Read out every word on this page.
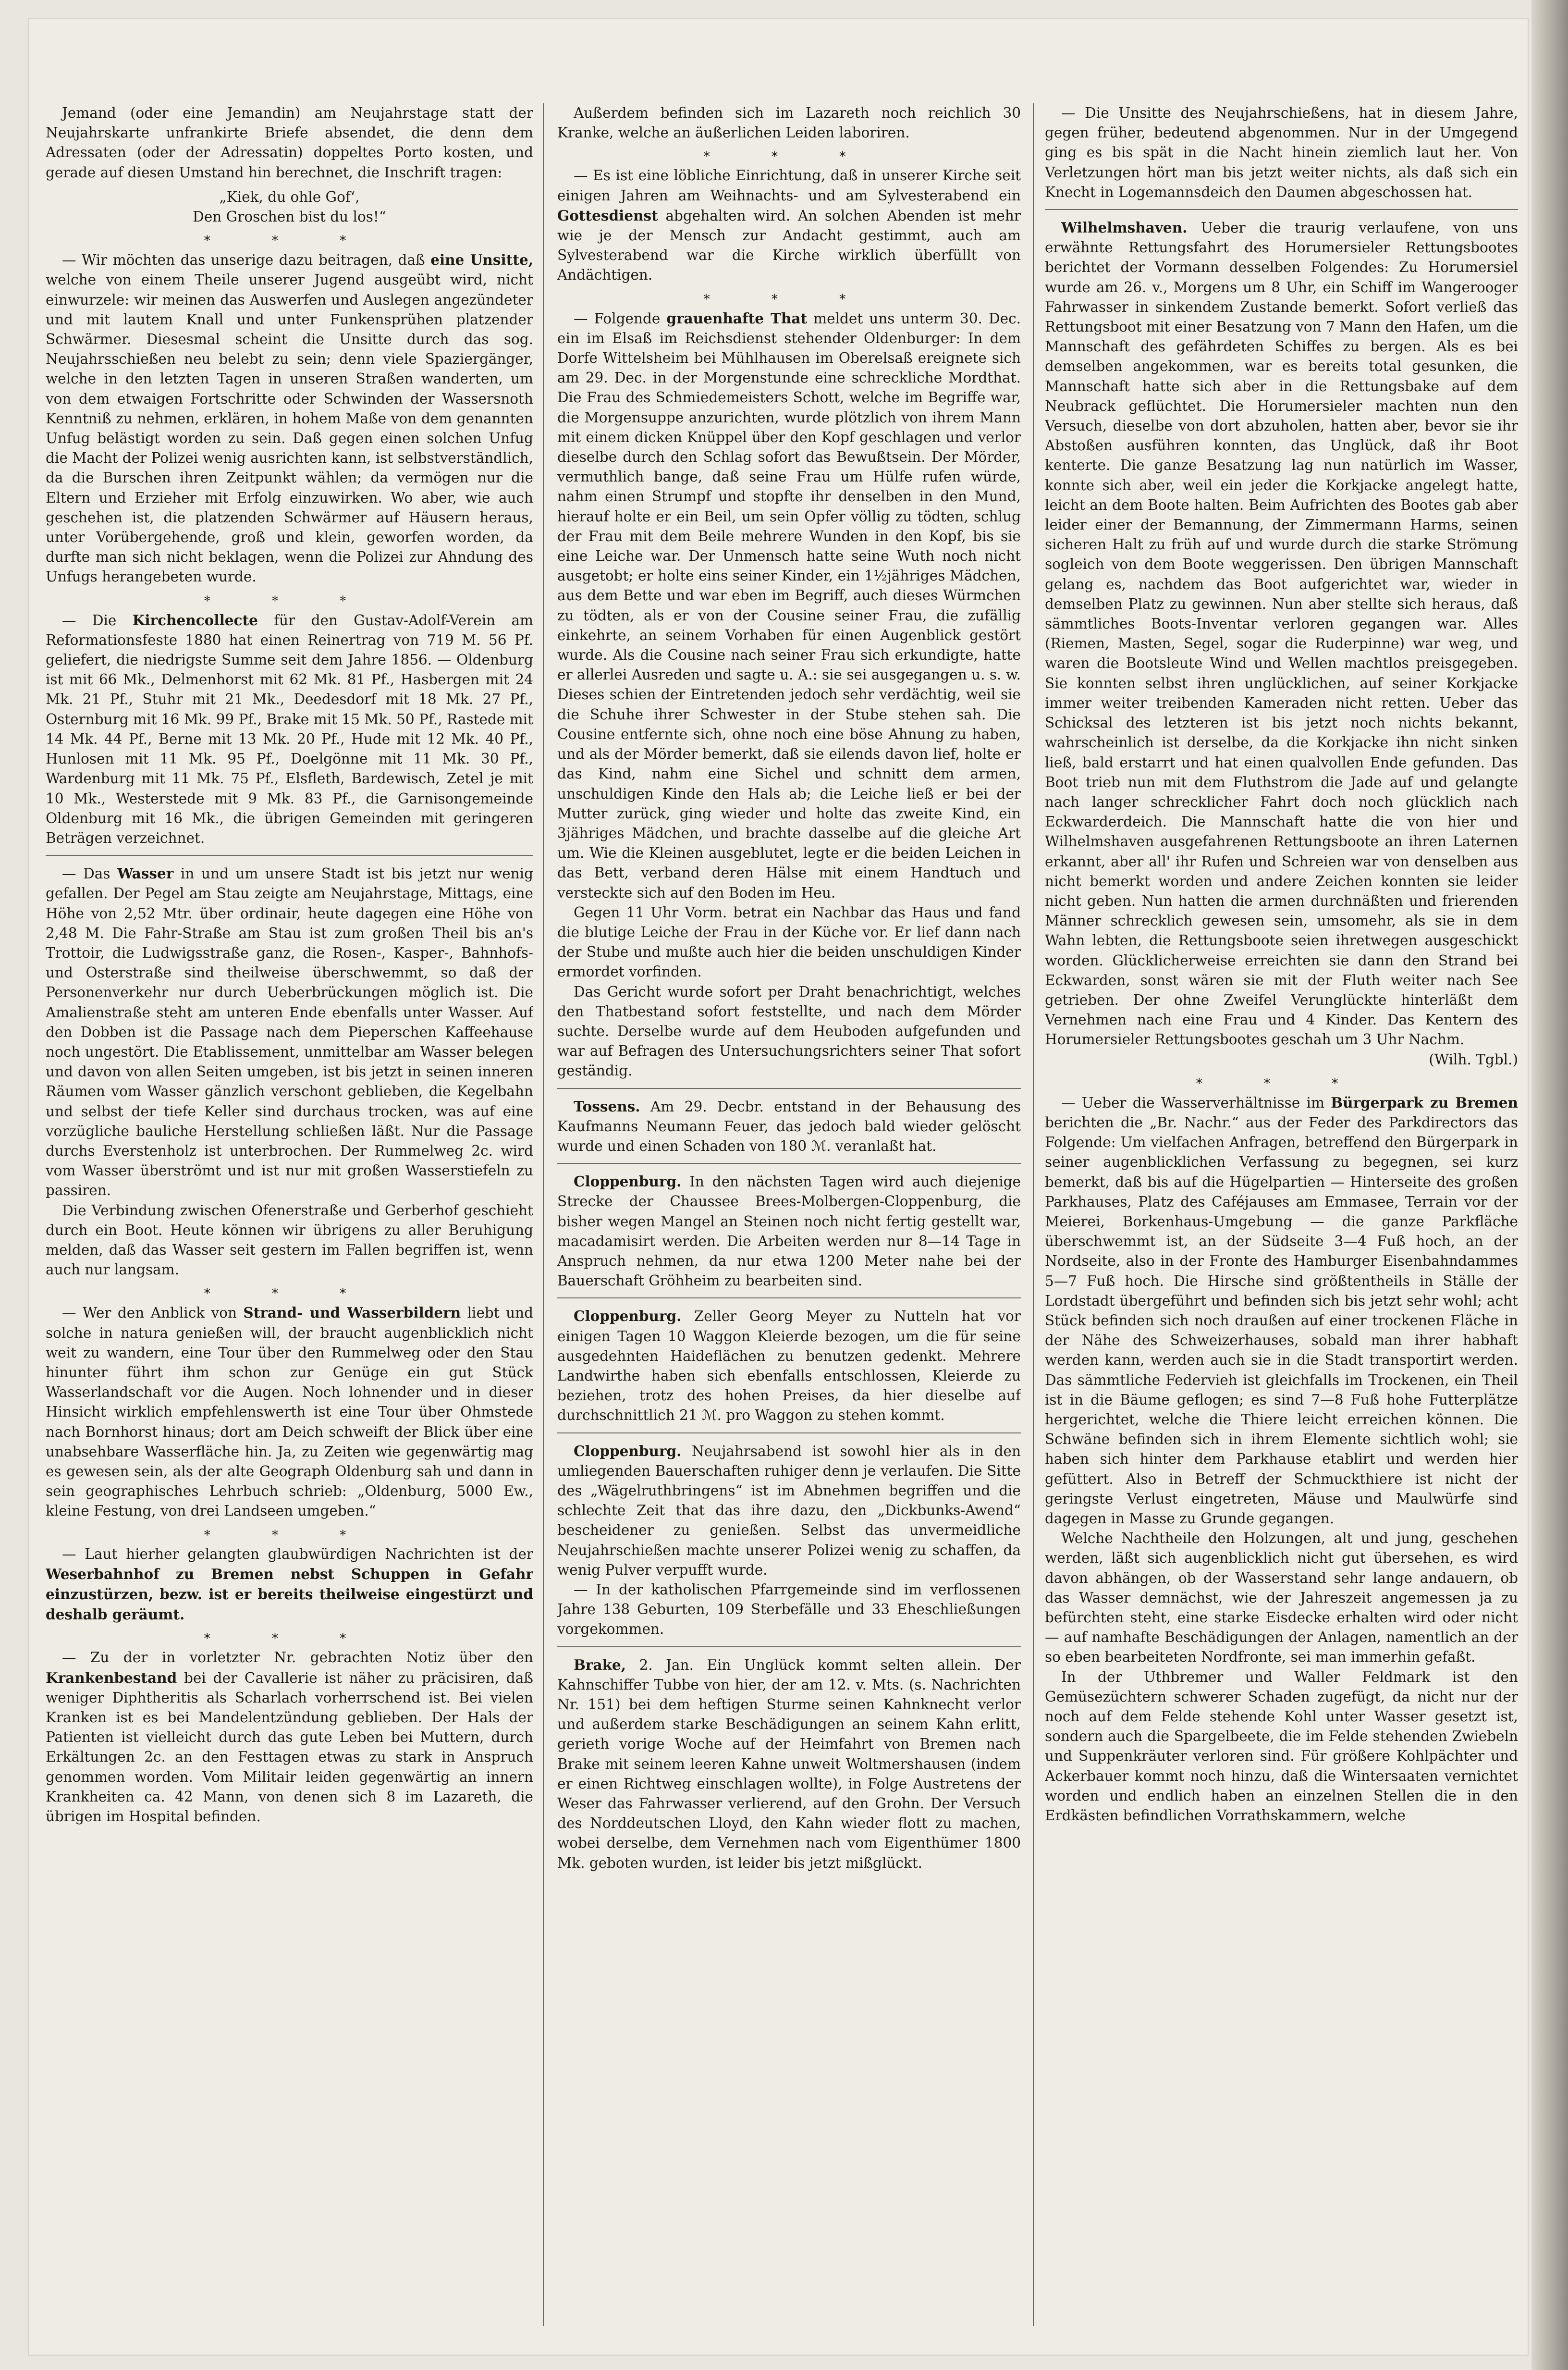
Jemand (oder eine Jemandin) am Neujahrstage statt der Neujahrskarte unfrankirte Briefe absendet, die denn dem Adressaten (oder der Adressatin) doppeltes Porto kosten, und gerade auf diesen Umstand hin berechnet, die Inschrift tragen:

„Kiek, du ohle Gof‘,

Den Groschen bist du los!“

* * *

— Wir möchten das unserige dazu beitragen, daß eine Unsitte, welche von einem Theile unserer Jugend ausgeübt wird, nicht einwurzele: wir meinen das Auswerfen und Auslegen angezündeter und mit lautem Knall und unter Funkensprühen platzender Schwärmer. Diesesmal scheint die Unsitte durch das sog. Neujahrsschießen neu belebt zu sein; denn viele Spaziergänger, welche in den letzten Tagen in unseren Straßen wanderten, um von dem etwaigen Fortschritte oder Schwinden der Wassersnoth Kenntniß zu nehmen, erklären, in hohem Maße von dem genannten Unfug belästigt worden zu sein. Daß gegen einen solchen Unfug die Macht der Polizei wenig ausrichten kann, ist selbstverständlich, da die Burschen ihren Zeitpunkt wählen; da vermögen nur die Eltern und Erzieher mit Erfolg einzuwirken. Wo aber, wie auch geschehen ist, die platzenden Schwärmer auf Häusern heraus, unter Vorübergehende, groß und klein, geworfen worden, da durfte man sich nicht beklagen, wenn die Polizei zur Ahndung des Unfugs herangebeten wurde.

* * *

— Die Kirchencollecte für den Gustav-Adolf-Verein am Reformationsfeste 1880 hat einen Reinertrag von 719 M. 56 Pf. geliefert, die niedrigste Summe seit dem Jahre 1856. — Oldenburg ist mit 66 Mk., Delmenhorst mit 62 Mk. 81 Pf., Hasbergen mit 24 Mk. 21 Pf., Stuhr mit 21 Mk., Deedesdorf mit 18 Mk. 27 Pf., Osternburg mit 16 Mk. 99 Pf., Brake mit 15 Mk. 50 Pf., Rastede mit 14 Mk. 44 Pf., Berne mit 13 Mk. 20 Pf., Hude mit 12 Mk. 40 Pf., Hunlosen mit 11 Mk. 95 Pf., Doelgönne mit 11 Mk. 30 Pf., Wardenburg mit 11 Mk. 75 Pf., Elsfleth, Bardewisch, Zetel je mit 10 Mk., Westerstede mit 9 Mk. 83 Pf., die Garnisongemeinde Oldenburg mit 16 Mk., die übrigen Gemeinden mit geringeren Beträgen verzeichnet.

— Das Wasser in und um unsere Stadt ist bis jetzt nur wenig gefallen. Der Pegel am Stau zeigte am Neujahrstage, Mittags, eine Höhe von 2,52 Mtr. über ordinair, heute dagegen eine Höhe von 2,48 M. Die Fahr-Straße am Stau ist zum großen Theil bis an's Trottoir, die Ludwigsstraße ganz, die Rosen-, Kasper-, Bahnhofs- und Osterstraße sind theilweise überschwemmt, so daß der Personenverkehr nur durch Ueberbrückungen möglich ist. Die Amalienstraße steht am unteren Ende ebenfalls unter Wasser. Auf den Dobben ist die Passage nach dem Pieperschen Kaffeehause noch ungestört. Die Etablissement, unmittelbar am Wasser belegen und davon von allen Seiten umgeben, ist bis jetzt in seinen inneren Räumen vom Wasser gänzlich verschont geblieben, die Kegelbahn und selbst der tiefe Keller sind durchaus trocken, was auf eine vorzügliche bauliche Herstellung schließen läßt. Nur die Passage durchs Everstenholz ist unterbrochen. Der Rummelweg 2c. wird vom Wasser überströmt und ist nur mit großen Wasserstiefeln zu passiren.

Die Verbindung zwischen Ofenerstraße und Gerberhof geschieht durch ein Boot. Heute können wir übrigens zu aller Beruhigung melden, daß das Wasser seit gestern im Fallen begriffen ist, wenn auch nur langsam.

* * *

— Wer den Anblick von Strand- und Wasserbildern liebt und solche in natura genießen will, der braucht augenblicklich nicht weit zu wandern, eine Tour über den Rummelweg oder den Stau hinunter führt ihm schon zur Genüge ein gut Stück Wasserlandschaft vor die Augen. Noch lohnender und in dieser Hinsicht wirklich empfehlenswerth ist eine Tour über Ohmstede nach Bornhorst hinaus; dort am Deich schweift der Blick über eine unabsehbare Wasserfläche hin. Ja, zu Zeiten wie gegenwärtig mag es gewesen sein, als der alte Geograph Oldenburg sah und dann in sein geographisches Lehrbuch schrieb: „Oldenburg, 5000 Ew., kleine Festung, von drei Landseen umgeben.“

* * *

— Laut hierher gelangten glaubwürdigen Nachrichten ist der Weserbahnhof zu Bremen nebst Schuppen in Gefahr einzustürzen, bezw. ist er bereits theilweise eingestürzt und deshalb geräumt.

* * *

— Zu der in vorletzter Nr. gebrachten Notiz über den Krankenbestand bei der Cavallerie ist näher zu präcisiren, daß weniger Diphtheritis als Scharlach vorherrschend ist. Bei vielen Kranken ist es bei Mandelentzündung geblieben. Der Hals der Patienten ist vielleicht durch das gute Leben bei Muttern, durch Erkältungen 2c. an den Festtagen etwas zu stark in Anspruch genommen worden. Vom Militair leiden gegenwärtig an innern Krankheiten ca. 42 Mann, von denen sich 8 im Lazareth, die übrigen im Hospital befinden.

Außerdem befinden sich im Lazareth noch reichlich 30 Kranke, welche an äußerlichen Leiden laboriren.

* * *

— Es ist eine löbliche Einrichtung, daß in unserer Kirche seit einigen Jahren am Weihnachts- und am Sylvesterabend ein Gottesdienst abgehalten wird. An solchen Abenden ist mehr wie je der Mensch zur Andacht gestimmt, auch am Sylvesterabend war die Kirche wirklich überfüllt von Andächtigen.

* * *

— Folgende grauenhafte That meldet uns unterm 30. Dec. ein im Elsaß im Reichsdienst stehender Oldenburger: In dem Dorfe Wittelsheim bei Mühlhausen im Oberelsaß ereignete sich am 29. Dec. in der Morgenstunde eine schreckliche Mordthat. Die Frau des Schmiedemeisters Schott, welche im Begriffe war, die Morgensuppe anzurichten, wurde plötzlich von ihrem Mann mit einem dicken Knüppel über den Kopf geschlagen und verlor dieselbe durch den Schlag sofort das Bewußtsein. Der Mörder, vermuthlich bange, daß seine Frau um Hülfe rufen würde, nahm einen Strumpf und stopfte ihr denselben in den Mund, hierauf holte er ein Beil, um sein Opfer völlig zu tödten, schlug der Frau mit dem Beile mehrere Wunden in den Kopf, bis sie eine Leiche war. Der Unmensch hatte seine Wuth noch nicht ausgetobt; er holte eins seiner Kinder, ein 1½jähriges Mädchen, aus dem Bette und war eben im Begriff, auch dieses Würmchen zu tödten, als er von der Cousine seiner Frau, die zufällig einkehrte, an seinem Vorhaben für einen Augenblick gestört wurde. Als die Cousine nach seiner Frau sich erkundigte, hatte er allerlei Ausreden und sagte u. A.: sie sei ausgegangen u. s. w. Dieses schien der Eintretenden jedoch sehr verdächtig, weil sie die Schuhe ihrer Schwester in der Stube stehen sah. Die Cousine entfernte sich, ohne noch eine böse Ahnung zu haben, und als der Mörder bemerkt, daß sie eilends davon lief, holte er das Kind, nahm eine Sichel und schnitt dem armen, unschuldigen Kinde den Hals ab; die Leiche ließ er bei der Mutter zurück, ging wieder und holte das zweite Kind, ein 3jähriges Mädchen, und brachte dasselbe auf die gleiche Art um. Wie die Kleinen ausgeblutet, legte er die beiden Leichen in das Bett, verband deren Hälse mit einem Handtuch und versteckte sich auf den Boden im Heu.

Gegen 11 Uhr Vorm. betrat ein Nachbar das Haus und fand die blutige Leiche der Frau in der Küche vor. Er lief dann nach der Stube und mußte auch hier die beiden unschuldigen Kinder ermordet vorfinden.

Das Gericht wurde sofort per Draht benachrichtigt, welches den Thatbestand sofort feststellte, und nach dem Mörder suchte. Derselbe wurde auf dem Heuboden aufgefunden und war auf Befragen des Untersuchungsrichters seiner That sofort geständig.

Tossens. Am 29. Decbr. entstand in der Behausung des Kaufmanns Neumann Feuer, das jedoch bald wieder gelöscht wurde und einen Schaden von 180 ℳ. veranlaßt hat.

Cloppenburg. In den nächsten Tagen wird auch diejenige Strecke der Chaussee Brees-Molbergen-Cloppenburg, die bisher wegen Mangel an Steinen noch nicht fertig gestellt war, macadamisirt werden. Die Arbeiten werden nur 8—14 Tage in Anspruch nehmen, da nur etwa 1200 Meter nahe bei der Bauerschaft Gröhheim zu bearbeiten sind.

Cloppenburg. Zeller Georg Meyer zu Nutteln hat vor einigen Tagen 10 Waggon Kleierde bezogen, um die für seine ausgedehnten Haideflächen zu benutzen gedenkt. Mehrere Landwirthe haben sich ebenfalls entschlossen, Kleierde zu beziehen, trotz des hohen Preises, da hier dieselbe auf durchschnittlich 21 ℳ. pro Waggon zu stehen kommt.

Cloppenburg. Neujahrsabend ist sowohl hier als in den umliegenden Bauerschaften ruhiger denn je verlaufen. Die Sitte des „Wägelruthbringens“ ist im Abnehmen begriffen und die schlechte Zeit that das ihre dazu, den „Dickbunks-Awend“ bescheidener zu genießen. Selbst das unvermeidliche Neujahrschießen machte unserer Polizei wenig zu schaffen, da wenig Pulver verpufft wurde.

— In der katholischen Pfarrgemeinde sind im verflossenen Jahre 138 Geburten, 109 Sterbefälle und 33 Eheschließungen vorgekommen.

Brake, 2. Jan. Ein Unglück kommt selten allein. Der Kahnschiffer Tubbe von hier, der am 12. v. Mts. (s. Nachrichten Nr. 151) bei dem heftigen Sturme seinen Kahnknecht verlor und außerdem starke Beschädigungen an seinem Kahn erlitt, gerieth vorige Woche auf der Heimfahrt von Bremen nach Brake mit seinem leeren Kahne unweit Woltmershausen (indem er einen Richtweg einschlagen wollte), in Folge Austretens der Weser das Fahrwasser verlierend, auf den Grohn. Der Versuch des Norddeutschen Lloyd, den Kahn wieder flott zu machen, wobei derselbe, dem Vernehmen nach vom Eigenthümer 1800 Mk. geboten wurden, ist leider bis jetzt mißglückt.

— Die Unsitte des Neujahrschießens, hat in diesem Jahre, gegen früher, bedeutend abgenommen. Nur in der Umgegend ging es bis spät in die Nacht hinein ziemlich laut her. Von Verletzungen hört man bis jetzt weiter nichts, als daß sich ein Knecht in Logemannsdeich den Daumen abgeschossen hat.

Wilhelmshaven. Ueber die traurig verlaufene, von uns erwähnte Rettungsfahrt des Horumersieler Rettungsbootes berichtet der Vormann desselben Folgendes: Zu Horumersiel wurde am 26. v., Morgens um 8 Uhr, ein Schiff im Wangerooger Fahrwasser in sinkendem Zustande bemerkt. Sofort verließ das Rettungsboot mit einer Besatzung von 7 Mann den Hafen, um die Mannschaft des gefährdeten Schiffes zu bergen. Als es bei demselben angekommen, war es bereits total gesunken, die Mannschaft hatte sich aber in die Rettungsbake auf dem Neubrack geflüchtet. Die Horumersieler machten nun den Versuch, dieselbe von dort abzuholen, hatten aber, bevor sie ihr Abstoßen ausführen konnten, das Unglück, daß ihr Boot kenterte. Die ganze Besatzung lag nun natürlich im Wasser, konnte sich aber, weil ein jeder die Korkjacke angelegt hatte, leicht an dem Boote halten. Beim Aufrichten des Bootes gab aber leider einer der Bemannung, der Zimmermann Harms, seinen sicheren Halt zu früh auf und wurde durch die starke Strömung sogleich von dem Boote weggerissen. Den übrigen Mannschaft gelang es, nachdem das Boot aufgerichtet war, wieder in demselben Platz zu gewinnen. Nun aber stellte sich heraus, daß sämmtliches Boots-Inventar verloren gegangen war. Alles (Riemen, Masten, Segel, sogar die Ruderpinne) war weg, und waren die Bootsleute Wind und Wellen machtlos preisgegeben. Sie konnten selbst ihren unglücklichen, auf seiner Korkjacke immer weiter treibenden Kameraden nicht retten. Ueber das Schicksal des letzteren ist bis jetzt noch nichts bekannt, wahrscheinlich ist derselbe, da die Korkjacke ihn nicht sinken ließ, bald erstarrt und hat einen qualvollen Ende gefunden. Das Boot trieb nun mit dem Fluthstrom die Jade auf und gelangte nach langer schrecklicher Fahrt doch noch glücklich nach Eckwarderdeich. Die Mannschaft hatte die von hier und Wilhelmshaven ausgefahrenen Rettungsboote an ihren Laternen erkannt, aber all' ihr Rufen und Schreien war von denselben aus nicht bemerkt worden und andere Zeichen konnten sie leider nicht geben. Nun hatten die armen durchnäßten und frierenden Männer schrecklich gewesen sein, umsomehr, als sie in dem Wahn lebten, die Rettungsboote seien ihretwegen ausgeschickt worden. Glücklicherweise erreichten sie dann den Strand bei Eckwarden, sonst wären sie mit der Fluth weiter nach See getrieben. Der ohne Zweifel Verunglückte hinterläßt dem Vernehmen nach eine Frau und 4 Kinder. Das Kentern des Horumersieler Rettungsbootes geschah um 3 Uhr Nachm.

(Wilh. Tgbl.)

* * *

— Ueber die Wasserverhältnisse im Bürgerpark zu Bremen berichten die „Br. Nachr.“ aus der Feder des Parkdirectors das Folgende: Um vielfachen Anfragen, betreffend den Bürgerpark in seiner augenblicklichen Verfassung zu begegnen, sei kurz bemerkt, daß bis auf die Hügelpartien — Hinterseite des großen Parkhauses, Platz des Caféjauses am Emmasee, Terrain vor der Meierei, Borkenhaus-Umgebung — die ganze Parkfläche überschwemmt ist, an der Südseite 3—4 Fuß hoch, an der Nordseite, also in der Fronte des Hamburger Eisenbahndammes 5—7 Fuß hoch. Die Hirsche sind größtentheils in Ställe der Lordstadt übergeführt und befinden sich bis jetzt sehr wohl; acht Stück befinden sich noch draußen auf einer trockenen Fläche in der Nähe des Schweizerhauses, sobald man ihrer habhaft werden kann, werden auch sie in die Stadt transportirt werden. Das sämmtliche Federvieh ist gleichfalls im Trockenen, ein Theil ist in die Bäume geflogen; es sind 7—8 Fuß hohe Futterplätze hergerichtet, welche die Thiere leicht erreichen können. Die Schwäne befinden sich in ihrem Elemente sichtlich wohl; sie haben sich hinter dem Parkhause etablirt und werden hier gefüttert. Also in Betreff der Schmuckthiere ist nicht der geringste Verlust eingetreten, Mäuse und Maulwürfe sind dagegen in Masse zu Grunde gegangen.

Welche Nachtheile den Holzungen, alt und jung, geschehen werden, läßt sich augenblicklich nicht gut übersehen, es wird davon abhängen, ob der Wasserstand sehr lange andauern, ob das Wasser demnächst, wie der Jahreszeit angemessen ja zu befürchten steht, eine starke Eisdecke erhalten wird oder nicht — auf namhafte Beschädigungen der Anlagen, namentlich an der so eben bearbeiteten Nordfronte, sei man immerhin gefaßt.

In der Uthbremer und Waller Feldmark ist den Gemüsezüchtern schwerer Schaden zugefügt, da nicht nur der noch auf dem Felde stehende Kohl unter Wasser gesetzt ist, sondern auch die Spargelbeete, die im Felde stehenden Zwiebeln und Suppenkräuter verloren sind. Für größere Kohlpächter und Ackerbauer kommt noch hinzu, daß die Wintersaaten vernichtet worden und endlich haben an einzelnen Stellen die in den Erdkästen befindlichen Vorrathskammern, welche
